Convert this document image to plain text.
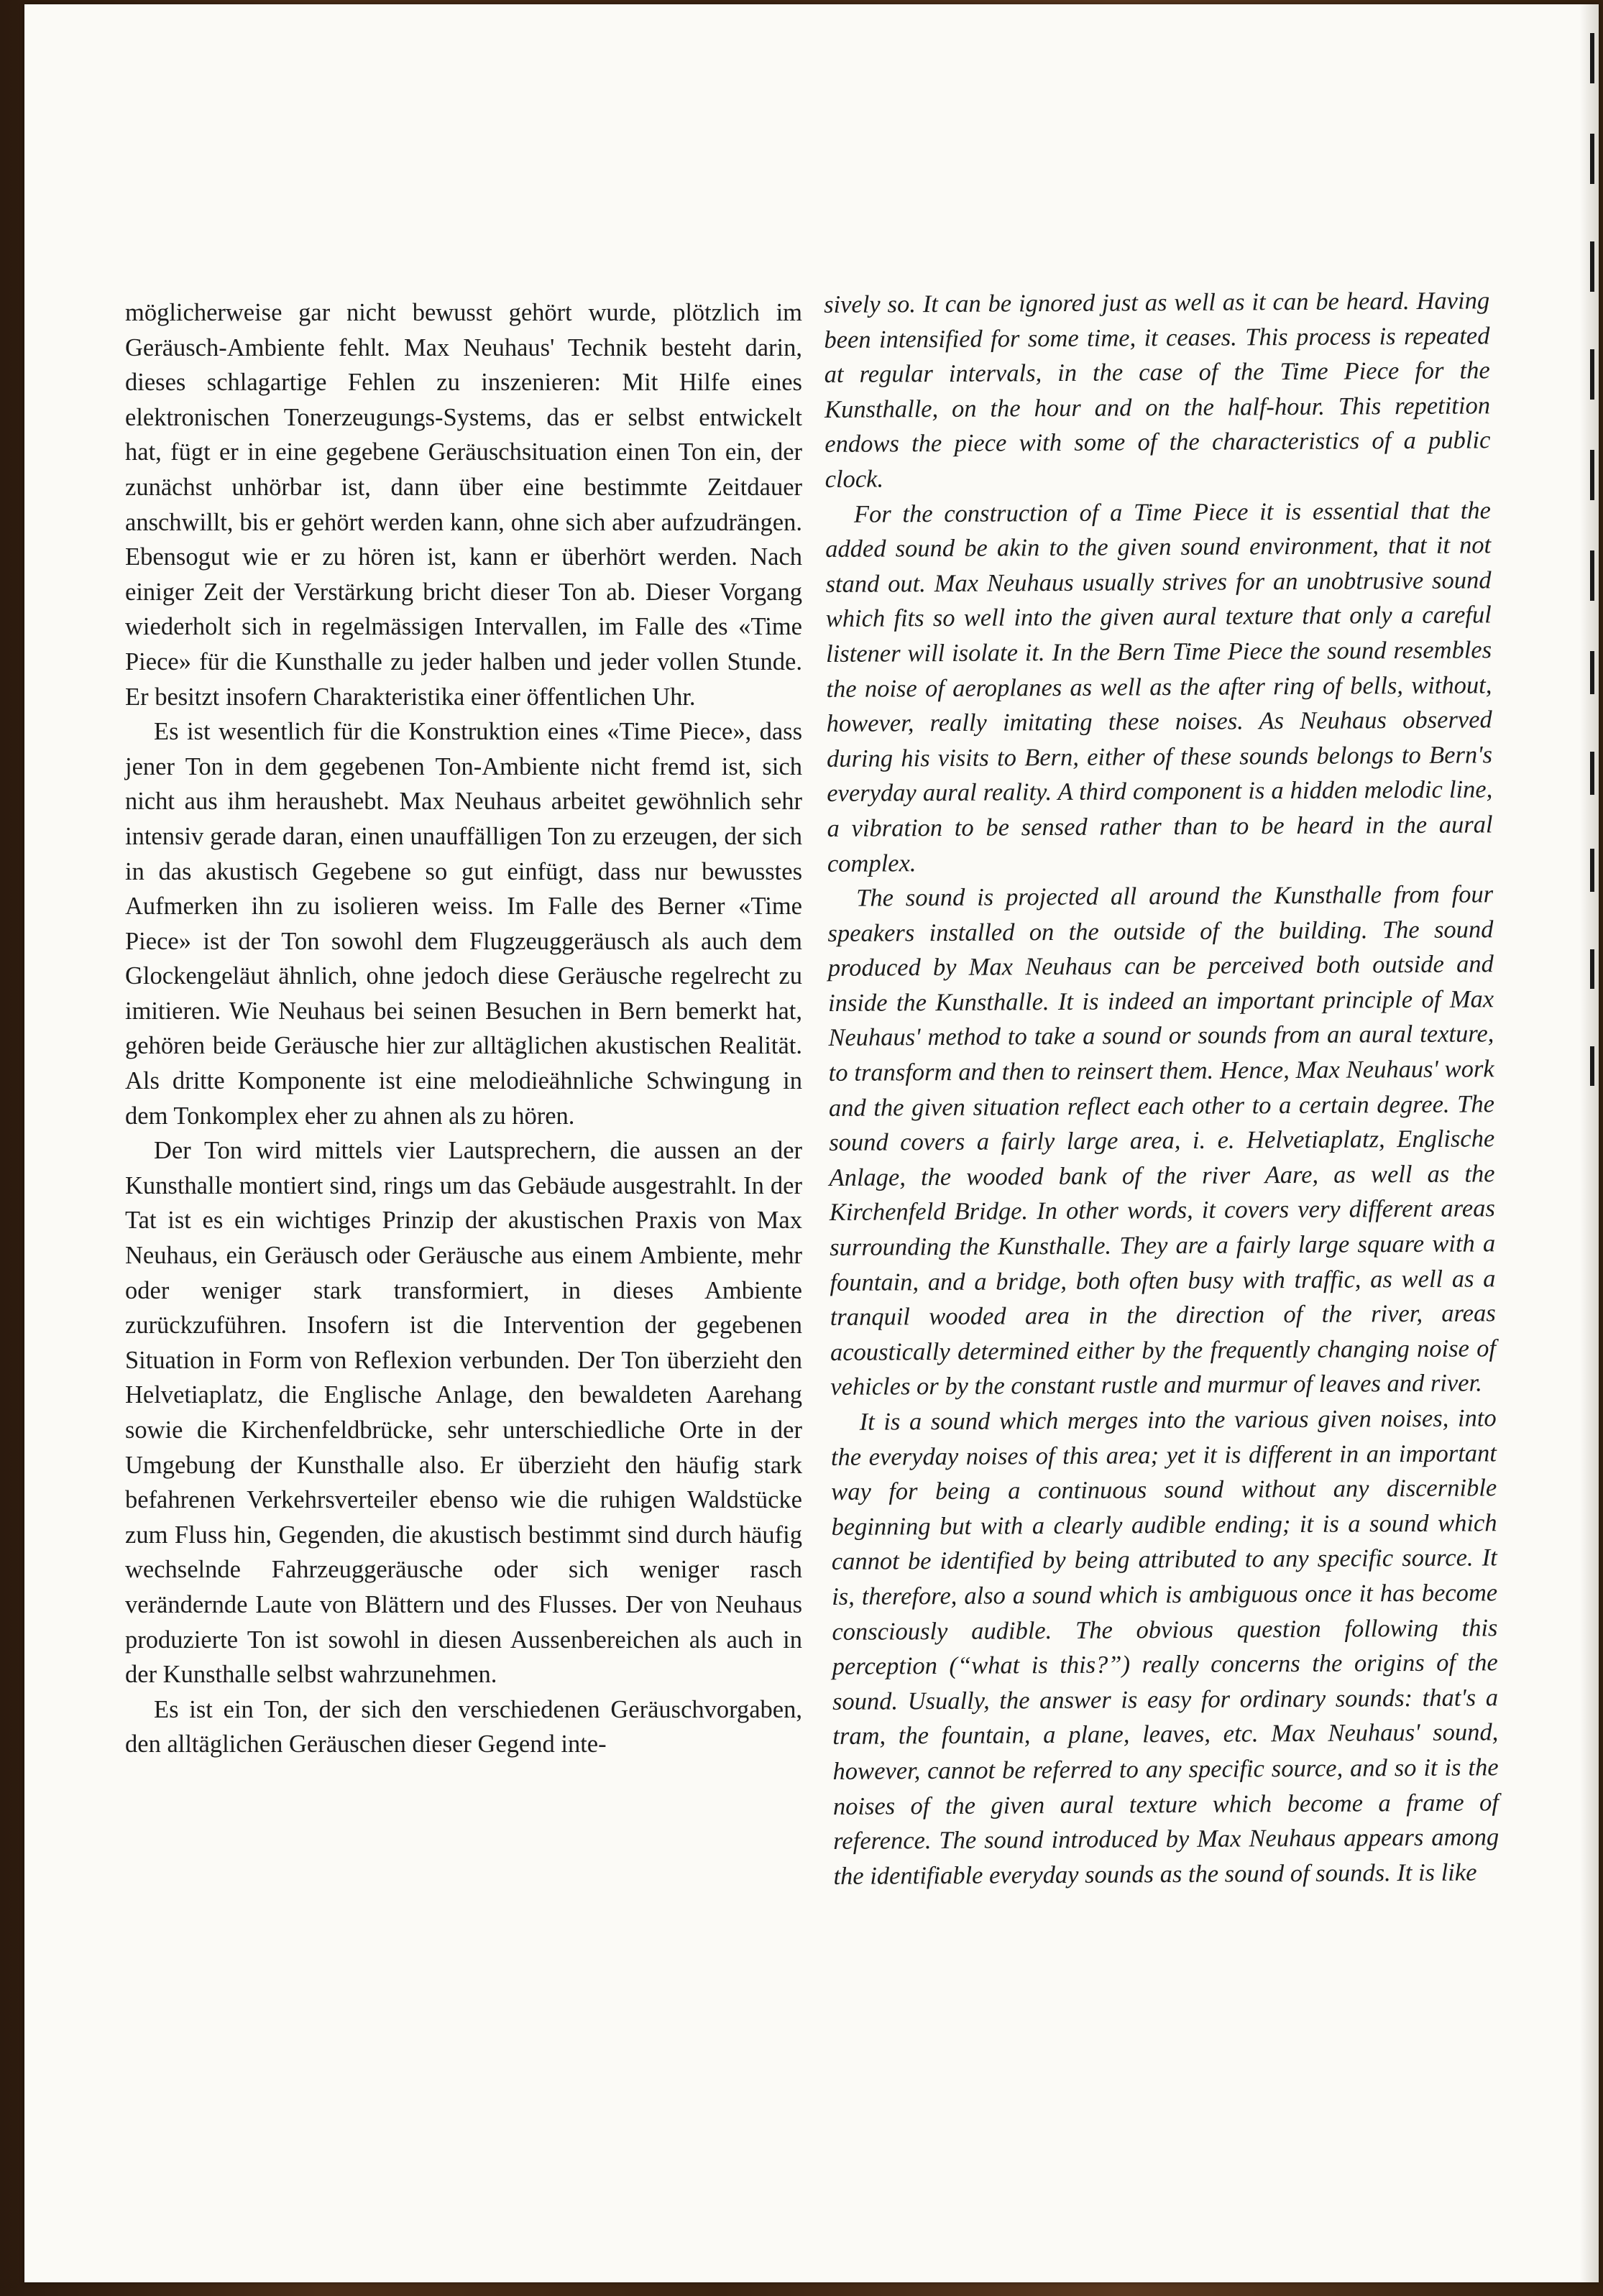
möglicherweise gar nicht bewusst gehört wurde, plötzlich im Geräusch-Ambiente fehlt. Max Neuhaus' Technik besteht darin, dieses schlagartige Fehlen zu inszenieren: Mit Hilfe eines elektronischen Tonerzeugungs-Systems, das er selbst entwickelt hat, fügt er in eine gegebene Geräuschsituation einen Ton ein, der zunächst unhörbar ist, dann über eine bestimmte Zeitdauer anschwillt, bis er gehört werden kann, ohne sich aber aufzudrängen. Ebensogut wie er zu hören ist, kann er überhört werden. Nach einiger Zeit der Verstärkung bricht dieser Ton ab. Dieser Vorgang wiederholt sich in regelmässigen Intervallen, im Falle des «Time Piece» für die Kunsthalle zu jeder halben und jeder vollen Stunde. Er besitzt insofern Charakteristika einer öffentlichen Uhr.

Es ist wesentlich für die Konstruktion eines «Time Piece», dass jener Ton in dem gegebenen Ton-Ambiente nicht fremd ist, sich nicht aus ihm heraushebt. Max Neuhaus arbeitet gewöhnlich sehr intensiv gerade daran, einen unauffälligen Ton zu erzeugen, der sich in das akustisch Gegebene so gut einfügt, dass nur bewusstes Aufmerken ihn zu isolieren weiss. Im Falle des Berner «Time Piece» ist der Ton sowohl dem Flugzeuggeräusch als auch dem Glockengeläut ähnlich, ohne jedoch diese Geräusche regelrecht zu imitieren. Wie Neuhaus bei seinen Besuchen in Bern bemerkt hat, gehören beide Geräusche hier zur alltäglichen akustischen Realität. Als dritte Komponente ist eine melodieähnliche Schwingung in dem Tonkomplex eher zu ahnen als zu hören.

Der Ton wird mittels vier Lautsprechern, die aussen an der Kunsthalle montiert sind, rings um das Gebäude ausgestrahlt. In der Tat ist es ein wichtiges Prinzip der akustischen Praxis von Max Neuhaus, ein Geräusch oder Geräusche aus einem Ambiente, mehr oder weniger stark transformiert, in dieses Ambiente zurückzuführen. Insofern ist die Intervention der gegebenen Situation in Form von Reflexion verbunden. Der Ton überzieht den Helvetiaplatz, die Englische Anlage, den bewaldeten Aarehang sowie die Kirchenfeldbrücke, sehr unterschiedliche Orte in der Umgebung der Kunsthalle also. Er überzieht den häufig stark befahrenen Verkehrsverteiler ebenso wie die ruhigen Waldstücke zum Fluss hin, Gegenden, die akustisch bestimmt sind durch häufig wechselnde Fahrzeuggeräusche oder sich weniger rasch verändernde Laute von Blättern und des Flusses. Der von Neuhaus produzierte Ton ist sowohl in diesen Aussenbereichen als auch in der Kunsthalle selbst wahrzunehmen.

Es ist ein Ton, der sich den verschiedenen Geräuschvorgaben, den alltäglichen Geräuschen dieser Gegend inte-

sively so. It can be ignored just as well as it can be heard. Having been intensified for some time, it ceases. This process is repeated at regular intervals, in the case of the Time Piece for the Kunsthalle, on the hour and on the half-hour. This repetition endows the piece with some of the characteristics of a public clock.

For the construction of a Time Piece it is essential that the added sound be akin to the given sound environment, that it not stand out. Max Neuhaus usually strives for an unobtrusive sound which fits so well into the given aural texture that only a careful listener will isolate it. In the Bern Time Piece the sound resembles the noise of aeroplanes as well as the after ring of bells, without, however, really imitating these noises. As Neuhaus observed during his visits to Bern, either of these sounds belongs to Bern's everyday aural reality. A third component is a hidden melodic line, a vibration to be sensed rather than to be heard in the aural complex.

The sound is projected all around the Kunsthalle from four speakers installed on the outside of the building. The sound produced by Max Neuhaus can be perceived both outside and inside the Kunsthalle. It is indeed an important principle of Max Neuhaus' method to take a sound or sounds from an aural texture, to transform and then to reinsert them. Hence, Max Neuhaus' work and the given situation reflect each other to a certain degree. The sound covers a fairly large area, i. e. Helvetiaplatz, Englische Anlage, the wooded bank of the river Aare, as well as the Kirchenfeld Bridge. In other words, it covers very different areas surrounding the Kunsthalle. They are a fairly large square with a fountain, and a bridge, both often busy with traffic, as well as a tranquil wooded area in the direction of the river, areas acoustically determined either by the frequently changing noise of vehicles or by the constant rustle and murmur of leaves and river.

It is a sound which merges into the various given noises, into the everyday noises of this area; yet it is different in an important way for being a continuous sound without any discernible beginning but with a clearly audible ending; it is a sound which cannot be identified by being attributed to any specific source. It is, therefore, also a sound which is ambiguous once it has become consciously audible. The obvious question following this perception (“what is this?”) really concerns the origins of the sound. Usually, the answer is easy for ordinary sounds: that's a tram, the fountain, a plane, leaves, etc. Max Neuhaus' sound, however, cannot be referred to any specific source, and so it is the noises of the given aural texture which become a frame of reference. The sound introduced by Max Neuhaus appears among the identifiable everyday sounds as the sound of sounds. It is like
